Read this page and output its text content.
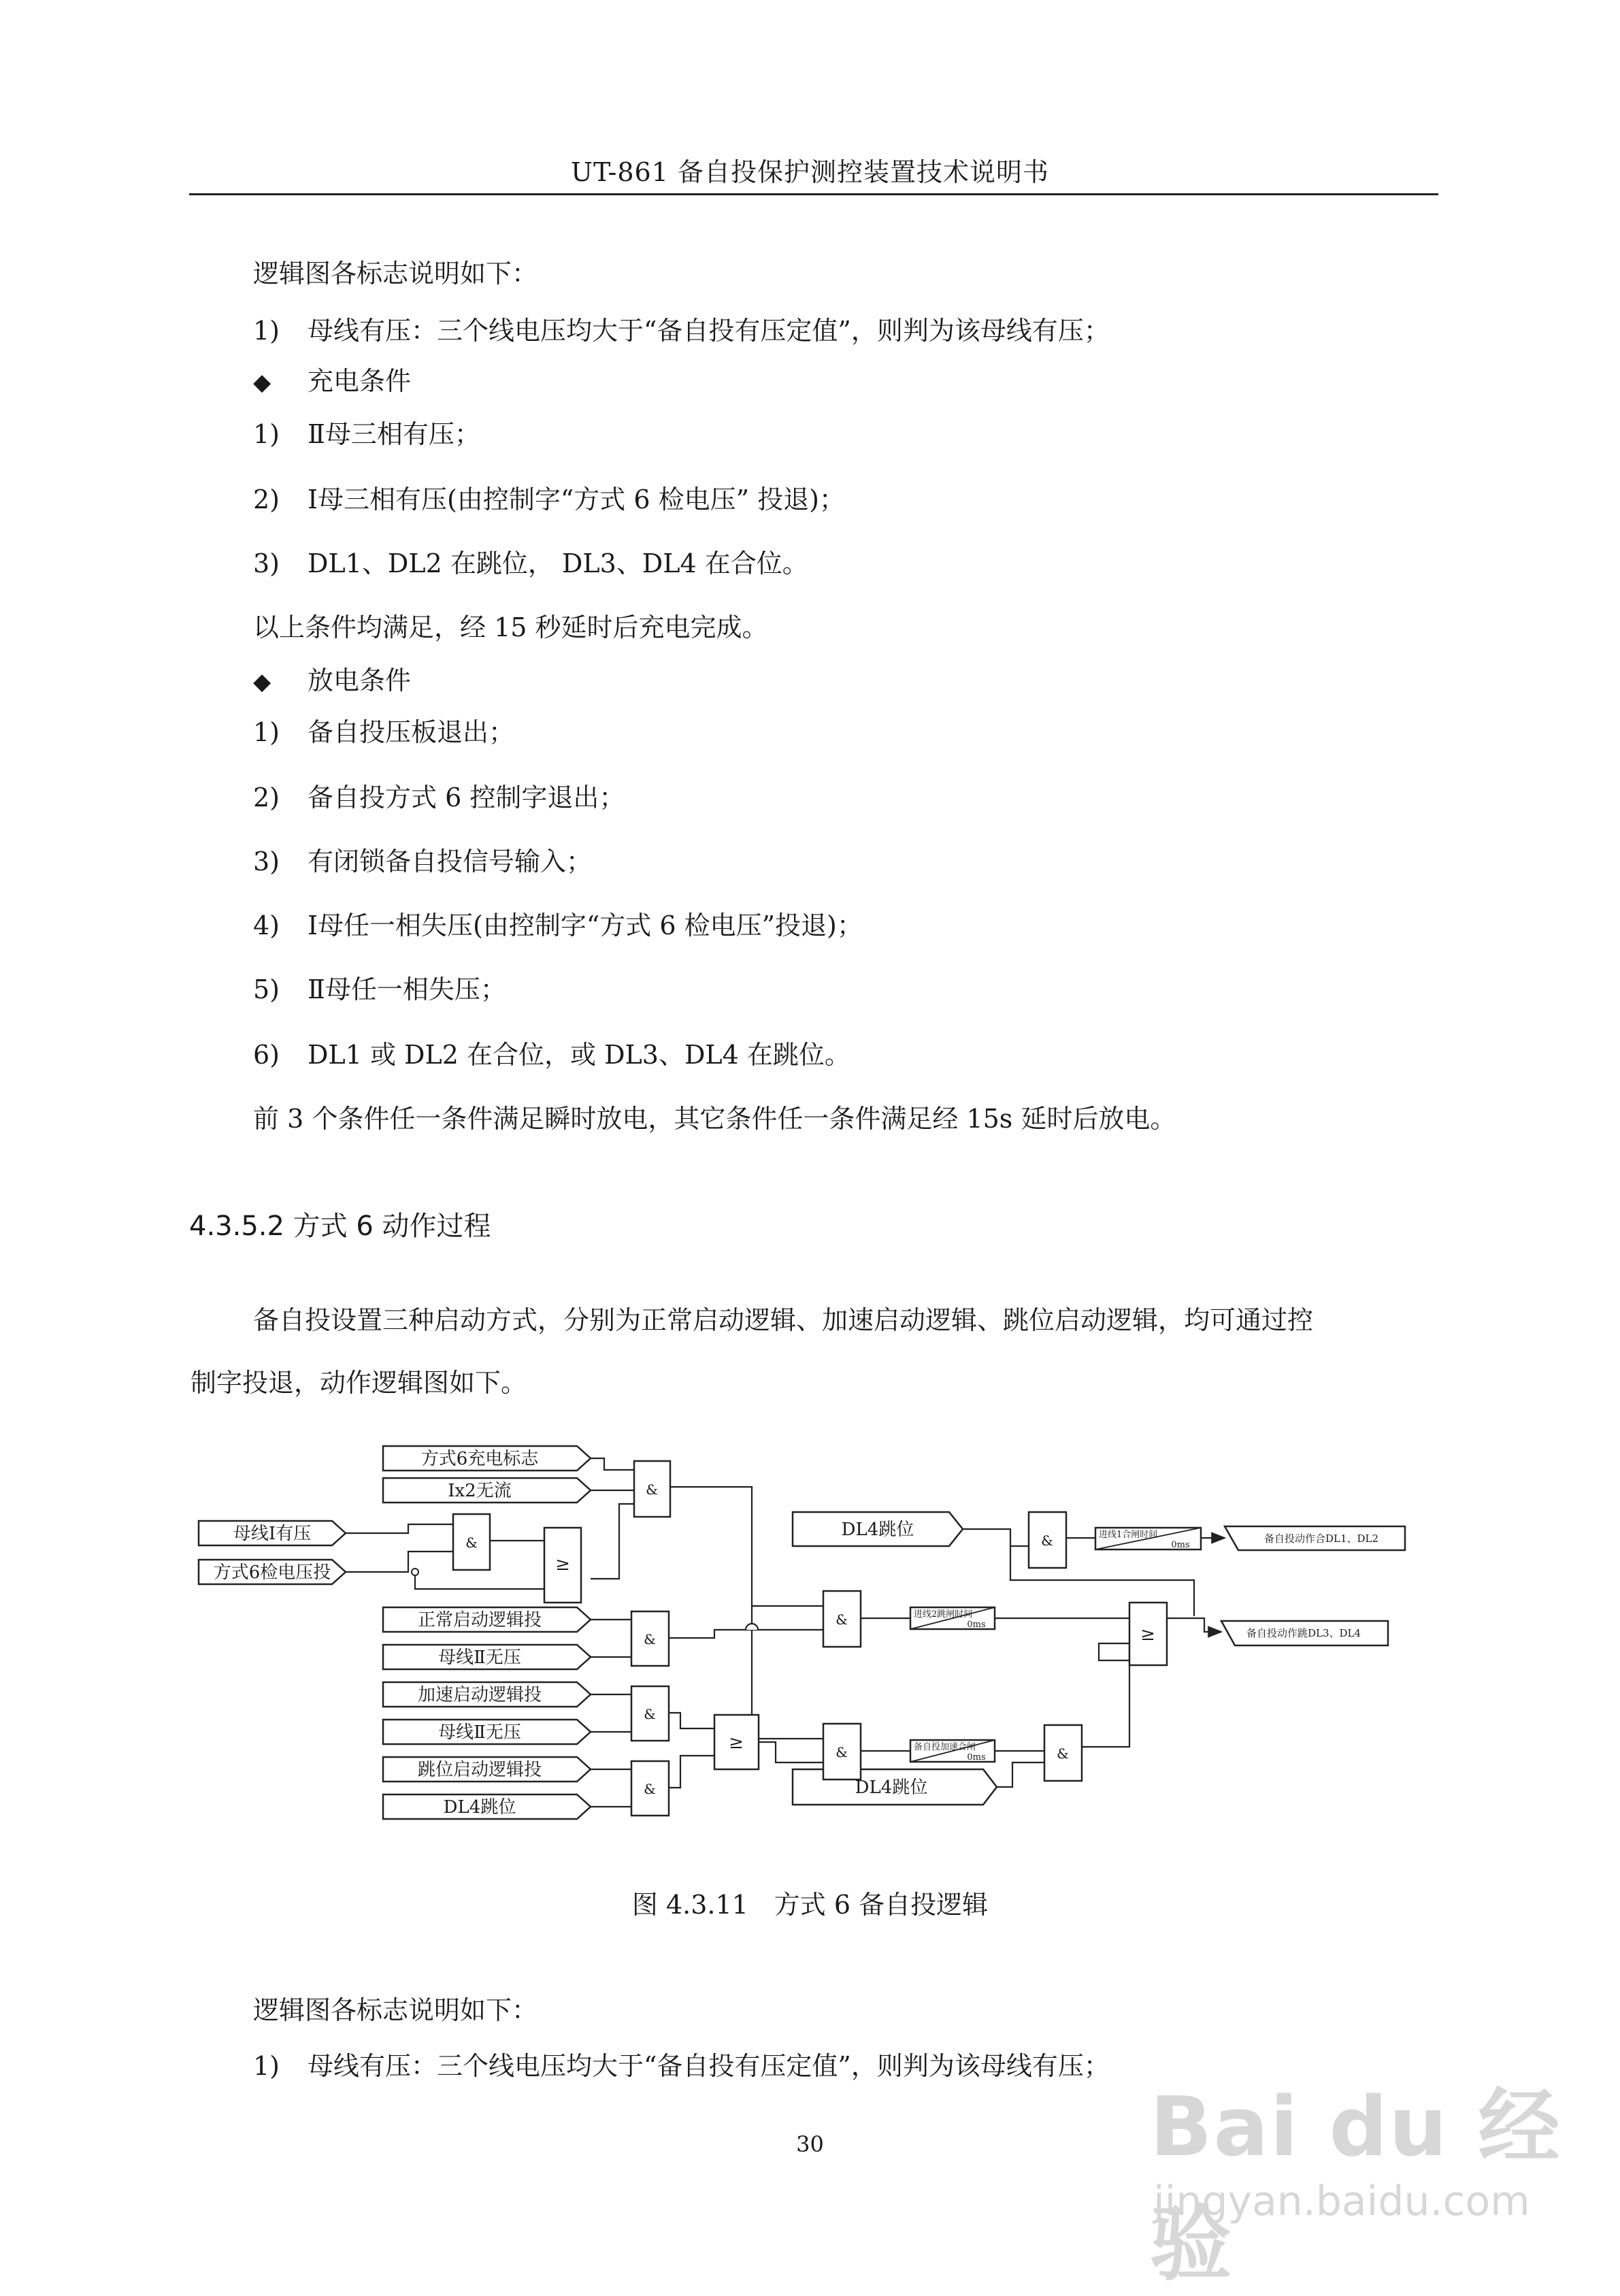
UT-861 备自投保护测控装置技术说明书
逻辑图各标志说明如下：
1) 母线有压：三个线电压均大于“备自投有压定值”，则判为该母线有压；
◆ 充电条件
1) Ⅱ母三相有压；
2) Ⅰ母三相有压(由控制字“方式 6 检电压” 投退)；
3) DL1、DL2 在跳位， DL3、DL4 在合位。
以上条件均满足，经 15 秒延时后充电完成。
◆ 放电条件
1) 备自投压板退出；
2) 备自投方式 6 控制字退出；
3) 有闭锁备自投信号输入；
4) Ⅰ母任一相失压(由控制字“方式 6 检电压”投退)；
5) Ⅱ母任一相失压；
6) DL1 或 DL2 在合位，或 DL3、DL4 在跳位。
前 3 个条件任一条件满足瞬时放电，其它条件任一条件满足经 15s 延时后放电。
4.3.5.2 方式 6 动作过程
备自投设置三种启动方式，分别为正常启动逻辑、加速启动逻辑、跳位启动逻辑，均可通过控
制字投退，动作逻辑图如下。
方式6充电标志
Ix2无流
母线Ⅰ有压
方式6检电压投
正常启动逻辑投
母线Ⅱ无压
加速启动逻辑投
母线Ⅱ无压
跳位启动逻辑投
DL4跳位
DL4跳位
DL4跳位
&
&
≥
&
&
&
&
≥	&
&
≥
&
进线1合闸时间
0ms
进线2跳闸时间
0ms
备自投加速合闸
0ms
备自投动作合DL1、DL2
备自投动作跳DL3、DL4
图 4.3.11　方式 6 备自投逻辑
逻辑图各标志说明如下：
1) 母线有压：三个线电压均大于“备自投有压定值”，则判为该母线有压；
30	Bai du 经验
jingyan.baidu.com
